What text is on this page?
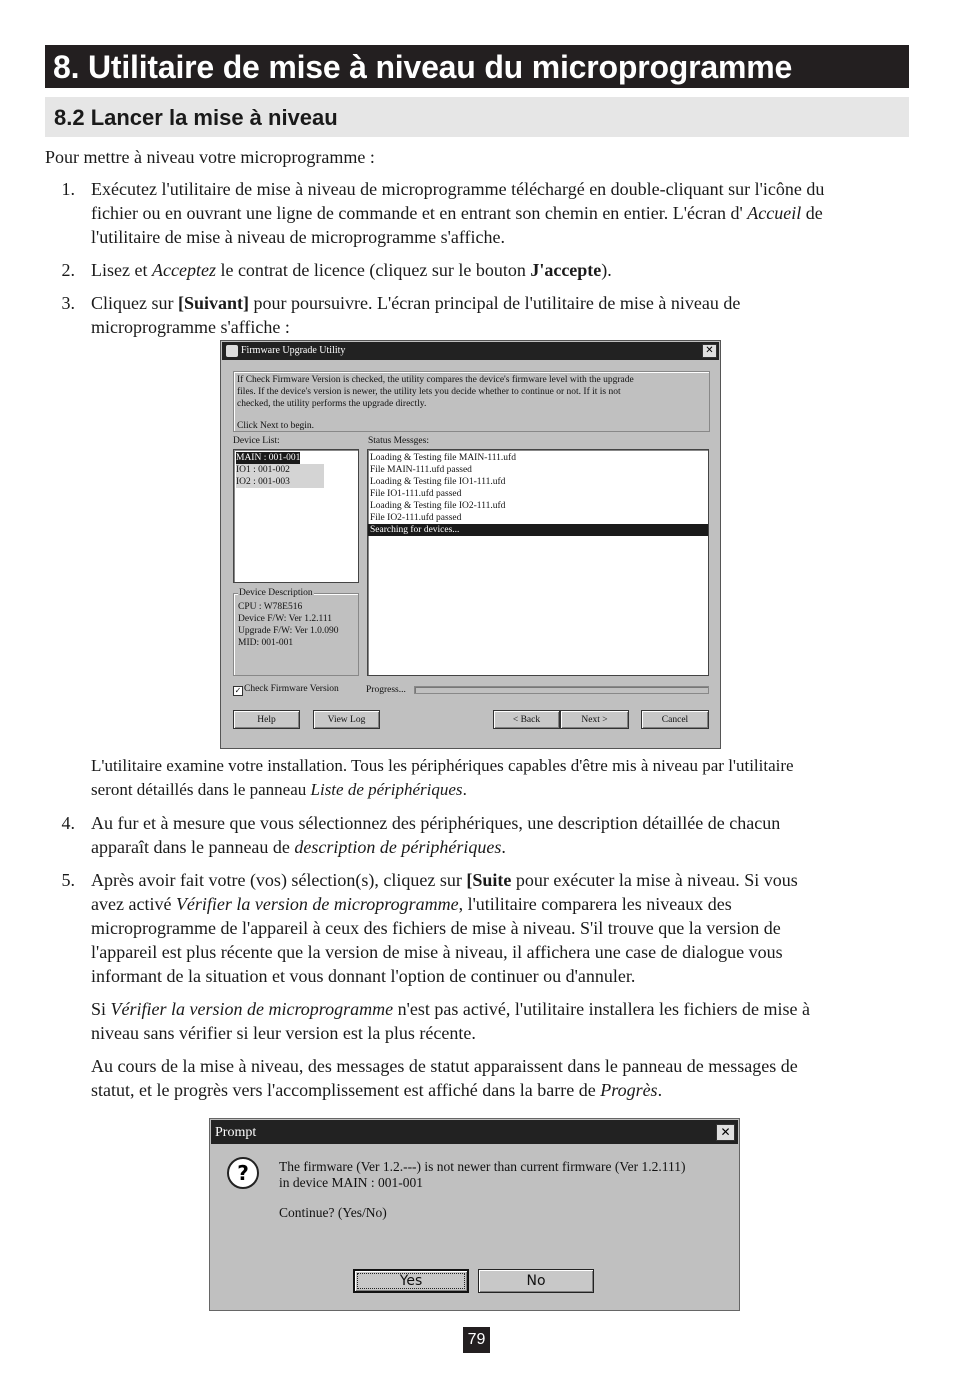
8. Utilitaire de mise à niveau du microprogramme
8.2 Lancer la mise à niveau
Pour mettre à niveau votre microprogramme :
1. Exécutez l'utilitaire de mise à niveau de microprogramme téléchargé en double-cliquant sur l'icône du
fichier ou en ouvrant une ligne de commande et en entrant son chemin en entier. L'écran d' Accueil de
l'utilitaire de mise à niveau de microprogramme s'affiche.
2. Lisez et Acceptez le contrat de licence (cliquez sur le bouton J'accepte).
3. Cliquez sur [Suivant] pour poursuivre. L'écran principal de l'utilitaire de mise à niveau de
microprogramme s'affiche :
L'utilitaire examine votre installation. Tous les périphériques capables d'être mis à niveau par l'utilitaire
seront détaillés dans le panneau Liste de périphériques.
Firmware Upgrade Utility	✕
If Check Firmware Version is checked, the utility compares the device's firmware level with the upgrade
files. If the device's version is newer, the utility lets you decide whether to continue or not. If it is not
checked, the utility performs the upgrade directly.
Click Next to begin.
Device List:	Status Messges:
MAIN : 001-001
IO1 : 001-002
IO2 : 001-003
Loading & Testing file MAIN-111.ufd
File MAIN-111.ufd passed
Loading & Testing file IO1-111.ufd
File IO1-111.ufd passed
Loading & Testing file IO2-111.ufd
File IO2-111.ufd passed
Searching for devices...
Device Description
CPU : W78E516
Device F/W: Ver 1.2.111
Upgrade F/W: Ver 1.0.090
MID: 001-001
✓ Check Firmware Version	Progress...
Help	View Log	< Back	Next >	Cancel
4. Au fur et à mesure que vous sélectionnez des périphériques, une description détaillée de chacun
apparaît dans le panneau de description de périphériques.
5. Après avoir fait votre (vos) sélection(s), cliquez sur [Suite pour exécuter la mise à niveau. Si vous
avez activé Vérifier la version de microprogramme, l'utilitaire comparera les niveaux des
microprogramme de l'appareil à ceux des fichiers de mise à niveau. S'il trouve que la version de
l'appareil est plus récente que la version de mise à niveau, il affichera une case de dialogue vous
informant de la situation et vous donnant l'option de continuer ou d'annuler.
Si Vérifier la version de microprogramme n'est pas activé, l'utilitaire installera les fichiers de mise à
niveau sans vérifier si leur version est la plus récente.
Au cours de la mise à niveau, des messages de statut apparaissent dans le panneau de messages de
statut, et le progrès vers l'accomplissement est affiché dans la barre de Progrès.
Prompt	✕
?	The firmware (Ver 1.2.---) is not newer than current firmware (Ver 1.2.111)
in device MAIN : 001-001
Continue? (Yes/No)
Yes	No
79
